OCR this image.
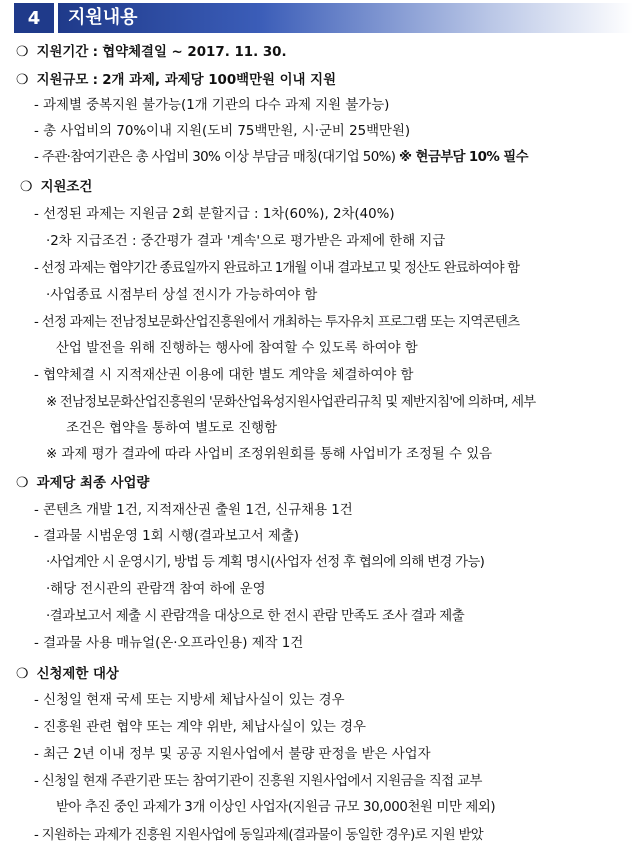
4	지원내용
❍ 지원기간 : 협약체결일 ~ 2017. 11. 30.
❍ 지원규모 : 2개 과제, 과제당 100백만원 이내 지원
- 과제별 중복지원 불가능(1개 기관의 다수 과제 지원 불가능)
- 총 사업비의 70%이내 지원(도비 75백만원, 시·군비 25백만원)
- 주관·참여기관은 총 사업비 30% 이상 부담금 매칭(대기업 50%) ※ 현금부담 10% 필수
❍ 지원조건
- 선정된 과제는 지원금 2회 분할지급 : 1차(60%), 2차(40%)
·2차 지급조건 : 중간평가 결과 '계속'으로 평가받은 과제에 한해 지급
- 선정 과제는 협약기간 종료일까지 완료하고 1개월 이내 결과보고 및 정산도 완료하여야 함
·사업종료 시점부터 상설 전시가 가능하여야 함
- 선정 과제는 전남정보문화산업진흥원에서 개최하는 투자유치 프로그램 또는 지역콘텐츠
산업 발전을 위해 진행하는 행사에 참여할 수 있도록 하여야 함
- 협약체결 시 지적재산권 이용에 대한 별도 계약을 체결하여야 함
※ 전남정보문화산업진흥원의 '문화산업육성지원사업관리규칙 및 제반지침'에 의하며, 세부
조건은 협약을 통하여 별도로 진행함
※ 과제 평가 결과에 따라 사업비 조정위원회를 통해 사업비가 조정될 수 있음
❍ 과제당 최종 사업량
- 콘텐츠 개발 1건, 지적재산권 출원 1건, 신규채용 1건
- 결과물 시범운영 1회 시행(결과보고서 제출)
·사업계안 시 운영시기, 방법 등 계획 명시(사업자 선정 후 협의에 의해 변경 가능)
·해당 전시관의 관람객 참여 하에 운영
·결과보고서 제출 시 관람객을 대상으로 한 전시 관람 만족도 조사 결과 제출
- 결과물 사용 매뉴얼(온·오프라인용) 제작 1건
❍ 신청제한 대상
- 신청일 현재 국세 또는 지방세 체납사실이 있는 경우
- 진흥원 관련 협약 또는 계약 위반, 체납사실이 있는 경우
- 최근 2년 이내 정부 및 공공 지원사업에서 불량 판정을 받은 사업자
- 신청일 현재 주관기관 또는 참여기관이 진흥원 지원사업에서 지원금을 직접 교부
받아 추진 중인 과제가 3개 이상인 사업자(지원금 규모 30,000천원 미만 제외)
- 지원하는 과제가 진흥원 지원사업에 동일과제(결과물이 동일한 경우)로 지원 받았
